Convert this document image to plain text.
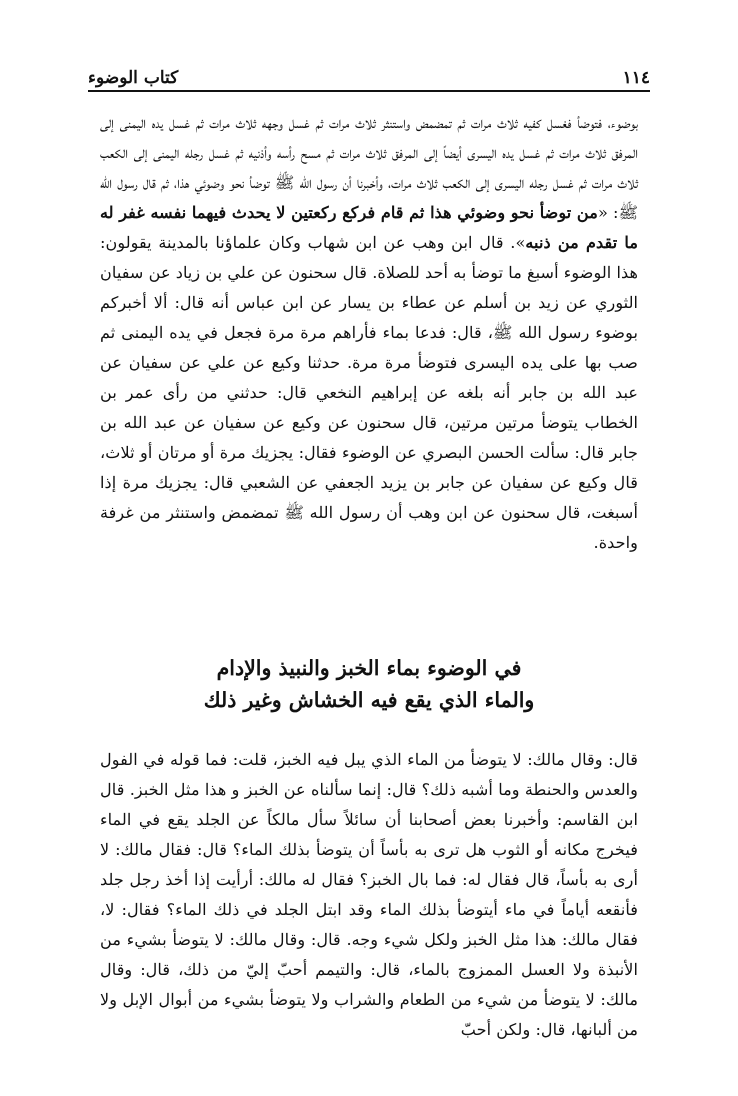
١١٤
كتاب الوضوء

بوضوء، فتوضأ فغسل كفيه ثلاث مرات ثم تمضمض واستنثر ثلاث مرات ثم غسل وجهه ثلاث مرات ثم غسل يده اليمنى إلى المرفق ثلاث مرات ثم غسل يده اليسرى أيضاً إلى المرفق ثلاث مرات ثم مسح رأسه وأذنيه ثم غسل رجله اليمنى إلى الكعب ثلاث مرات ثم غسل رجله اليسرى إلى الكعب ثلاث مرات، وأخبرنا أن رسول الله ﷺ توضأ نحو وضوئي هذا، ثم قال رسول الله ﷺ: «من توضأ نحو وضوئي هذا ثم قام فركع ركعتين لا يحدث فيهما نفسه غفر له ما تقدم من ذنبه». قال ابن وهب عن ابن شهاب وكان علماؤنا بالمدينة يقولون: هذا الوضوء أسبغ ما توضأ به أحد للصلاة. قال سحنون عن علي بن زياد عن سفيان الثوري عن زيد بن أسلم عن عطاء بن يسار عن ابن عباس أنه قال: ألا أخبركم بوضوء رسول الله ﷺ، قال: فدعا بماء فأراهم مرة مرة فجعل في يده اليمنى ثم صب بها على يده اليسرى فتوضأ مرة مرة. حدثنا وكيع عن علي عن سفيان عن عبد الله بن جابر أنه بلغه عن إبراهيم النخعي قال: حدثني من رأى عمر بن الخطاب يتوضأ مرتين مرتين، قال سحنون عن وكيع عن سفيان عن عبد الله بن جابر قال: سألت الحسن البصري عن الوضوء فقال: يجزيك مرة أو مرتان أو ثلاث، قال وكيع عن سفيان عن جابر بن يزيد الجعفي عن الشعبي قال: يجزيك مرة إذا أسبغت، قال سحنون عن ابن وهب أن رسول الله ﷺ تمضمض واستنثر من غرفة واحدة.

في الوضوء بماء الخبز والنبيذ والإدام
والماء الذي يقع فيه الخشاش وغير ذلك

قال: وقال مالك: لا يتوضأ من الماء الذي يبل فيه الخبز، قلت: فما قوله في الفول والعدس والحنطة وما أشبه ذلك؟ قال: إنما سألناه عن الخبز و هذا مثل الخبز. قال ابن القاسم: وأخبرنا بعض أصحابنا أن سائلاً سأل مالكاً عن الجلد يقع في الماء فيخرج مكانه أو الثوب هل ترى به بأساً أن يتوضأ بذلك الماء؟ قال: فقال مالك: لا أرى به بأساً، قال فقال له: فما بال الخبز؟ فقال له مالك: أرأيت إذا أخذ رجل جلد فأنقعه أياماً في ماء أيتوضأ بذلك الماء وقد ابتل الجلد في ذلك الماء؟ فقال: لا، فقال مالك: هذا مثل الخبز ولكل شيء وجه. قال: وقال مالك: لا يتوضأ بشيء من الأنبذة ولا العسل الممزوج بالماء، قال: والتيمم أحبّ إليّ من ذلك، قال: وقال مالك: لا يتوضأ من شيء من الطعام والشراب ولا يتوضأ بشيء من أبوال الإبل ولا من ألبانها، قال: ولكن أحبّ
